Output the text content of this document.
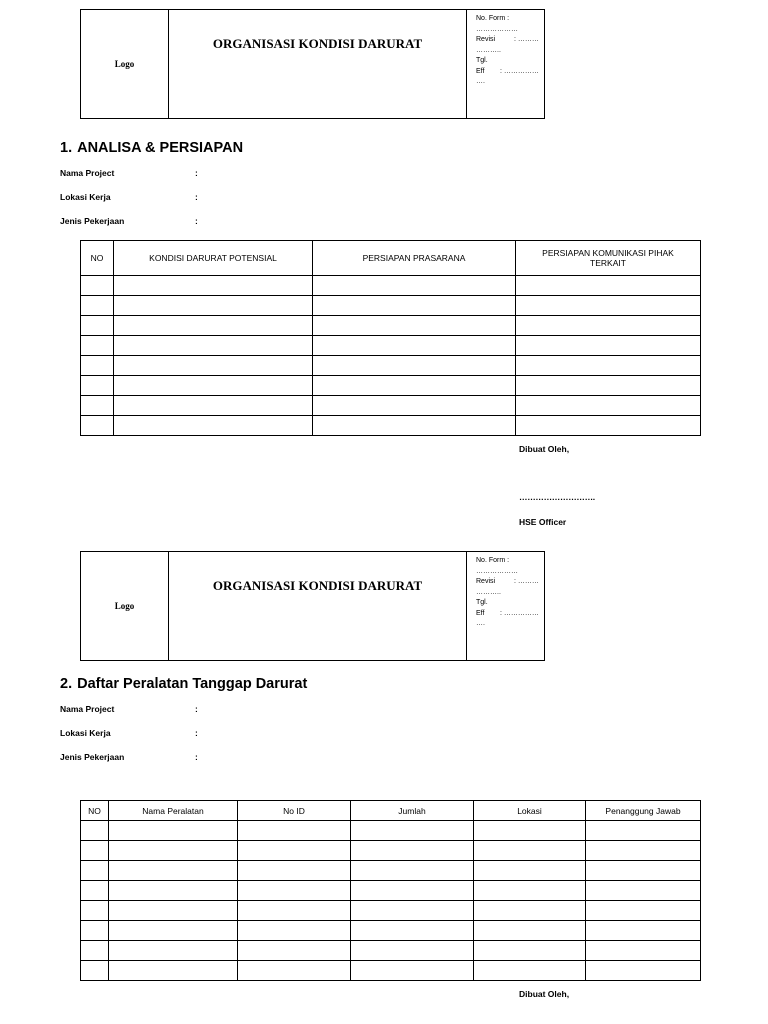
Logo
ORGANISASI KONDISI DARURAT
No. Form :
………………
Revisi	: ………
………..
Tgl.
Eff : ……………
….
1. ANALISA & PERSIAPAN
Nama Project	:
Lokasi Kerja	:
Jenis Pekerjaan	:
NO	KONDISI DARURAT POTENSIAL	PERSIAPAN PRASARANA	PERSIAPAN KOMUNIKASI PIHAK TERKAIT

Dibuat Oleh,
……………………….
HSE Officer
Logo
ORGANISASI KONDISI DARURAT
No. Form :
………………
Revisi	: ………
………..
Tgl.
Eff : ……………
….
2. Daftar Peralatan Tanggap Darurat
Nama Project	:
Lokasi Kerja	:
Jenis Pekerjaan	:
NO	Nama Peralatan	No ID	Jumlah	Lokasi	Penanggung Jawab

Dibuat Oleh,
